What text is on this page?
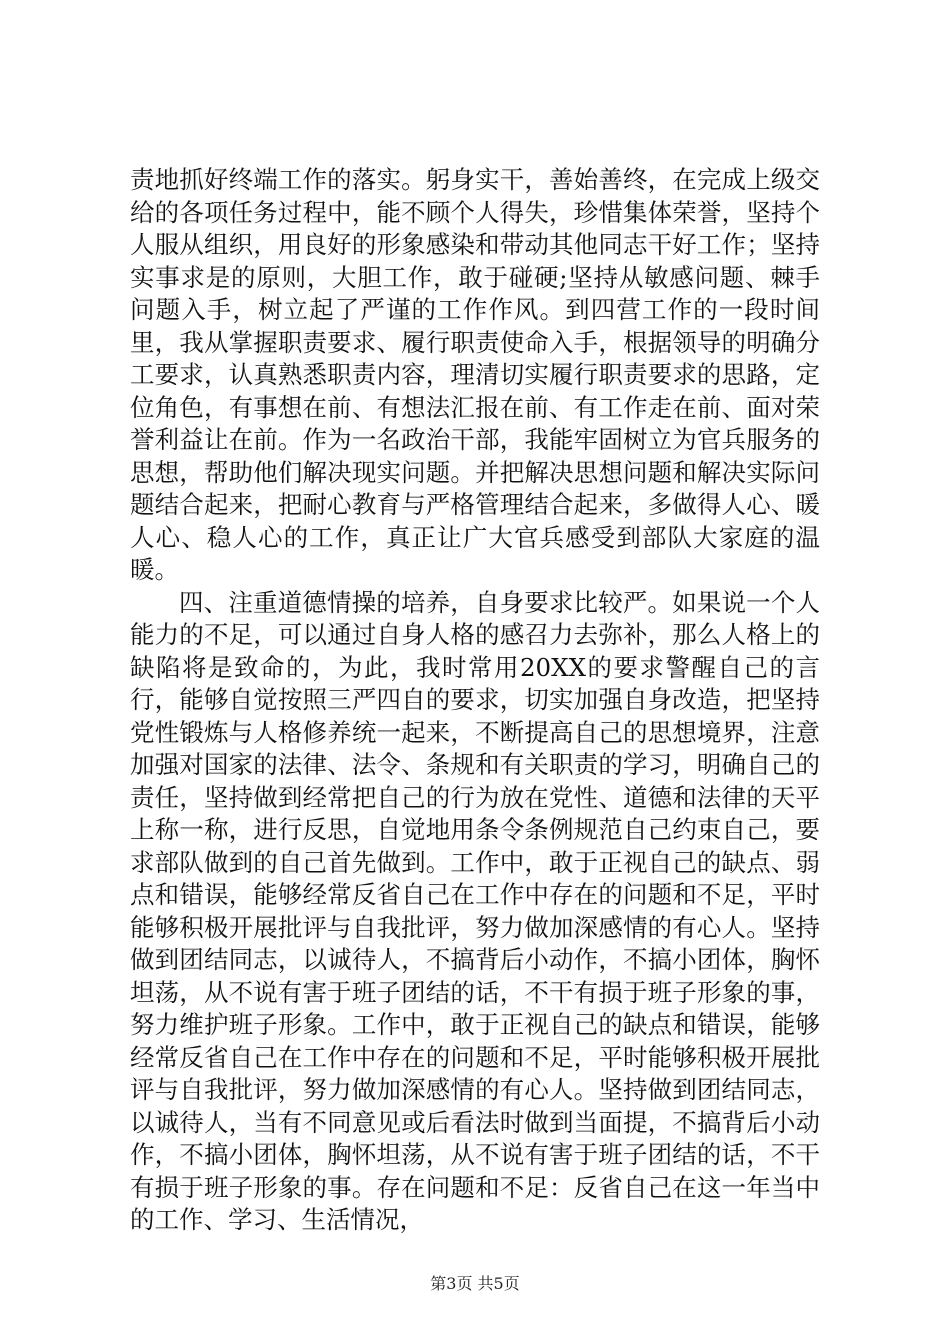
责地抓好终端工作的落实。躬身实干，善始善终，在完成上级交给的各项任务过程中，能不顾个人得失，珍惜集体荣誉，坚持个人服从组织，用良好的形象感染和带动其他同志干好工作；坚持实事求是的原则，大胆工作，敢于碰硬;坚持从敏感问题、棘手问题入手，树立起了严谨的工作作风。到四营工作的一段时间里，我从掌握职责要求、履行职责使命入手，根据领导的明确分工要求，认真熟悉职责内容，理清切实履行职责要求的思路，定位角色，有事想在前、有想法汇报在前、有工作走在前、面对荣誉利益让在前。作为一名政治干部，我能牢固树立为官兵服务的思想，帮助他们解决现实问题。并把解决思想问题和解决实际问题结合起来，把耐心教育与严格管理结合起来，多做得人心、暖人心、稳人心的工作，真正让广大官兵感受到部队大家庭的温暖。

四、注重道德情操的培养，自身要求比较严。如果说一个人能力的不足，可以通过自身人格的感召力去弥补，那么人格上的缺陷将是致命的，为此，我时常用20XX的要求警醒自己的言行，能够自觉按照三严四自的要求，切实加强自身改造，把坚持党性锻炼与人格修养统一起来，不断提高自己的思想境界，注意加强对国家的法律、法令、条规和有关职责的学习，明确自己的责任，坚持做到经常把自己的行为放在党性、道德和法律的天平上称一称，进行反思，自觉地用条令条例规范自己约束自己，要求部队做到的自己首先做到。工作中，敢于正视自己的缺点、弱点和错误，能够经常反省自己在工作中存在的问题和不足，平时能够积极开展批评与自我批评，努力做加深感情的有心人。坚持做到团结同志，以诚待人，不搞背后小动作，不搞小团体，胸怀坦荡，从不说有害于班子团结的话，不干有损于班子形象的事，努力维护班子形象。工作中，敢于正视自己的缺点和错误，能够经常反省自己在工作中存在的问题和不足，平时能够积极开展批评与自我批评，努力做加深感情的有心人。坚持做到团结同志，以诚待人，当有不同意见或后看法时做到当面提，不搞背后小动作，不搞小团体，胸怀坦荡，从不说有害于班子团结的话，不干有损于班子形象的事。存在问题和不足：反省自己在这一年当中的工作、学习、生活情况，

第3页 共5页
